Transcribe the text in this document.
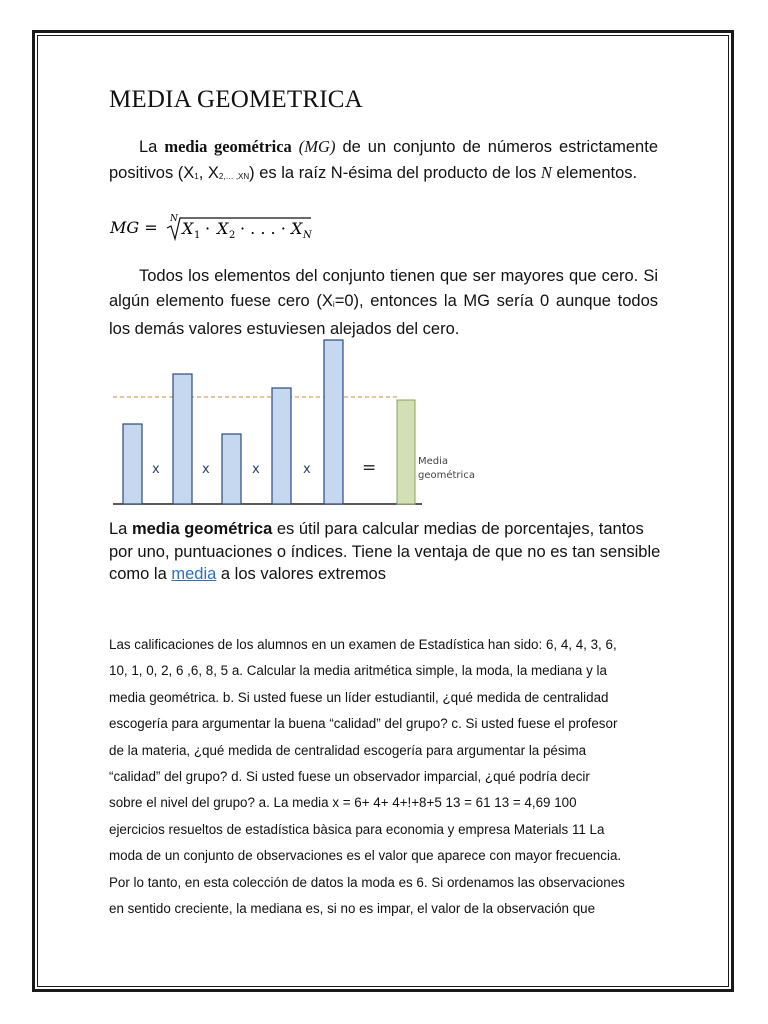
MEDIA GEOMETRICA

La media geométrica (MG) de un conjunto de números estrictamente positivos (X1, X2,… ,XN) es la raíz N-ésima del producto de los N elementos.

MG = N X 1 · X 2 · . . . · X N

Todos los elementos del conjunto tienen que ser mayores que cero. Si algún elemento fuese cero (Xi=0), entonces la MG sería 0 aunque todos los demás valores estuviesen alejados del cero.

x	x	x	x	=	Media
geométrica

La media geométrica es útil para calcular medias de porcentajes, tantos por uno, puntuaciones o índices. Tiene la ventaja de que no es tan sensible como la media a los valores extremos

Las calificaciones de los alumnos en un examen de Estadística han sido: 6, 4, 4, 3, 6,
10, 1, 0, 2, 6 ,6, 8, 5 a. Calcular la media aritmética simple, la moda, la mediana y la
media geométrica. b. Si usted fuese un líder estudiantil, ¿qué medida de centralidad
escogería para argumentar la buena “calidad” del grupo? c. Si usted fuese el profesor
de la materia, ¿qué medida de centralidad escogería para argumentar la pésima
“calidad” del grupo? d. Si usted fuese un observador imparcial, ¿qué podría decir
sobre el nivel del grupo? a. La media x = 6+ 4+ 4+!+8+5 13 = 61 13 = 4,69 100
ejercicios resueltos de estadística bàsica para economia y empresa Materials 11 La
moda de un conjunto de observaciones es el valor que aparece con mayor frecuencia.
Por lo tanto, en esta colección de datos la moda es 6. Si ordenamos las observaciones
en sentido creciente, la mediana es, si no es impar, el valor de la observación que
